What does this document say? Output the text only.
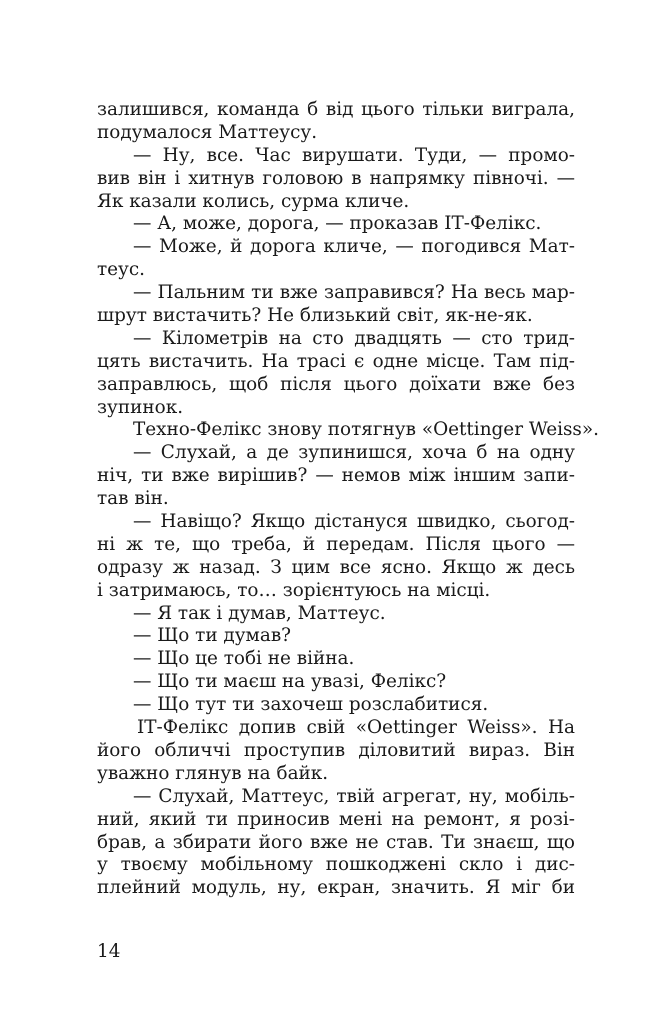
залишився, команда б від цього тільки виграла,
подумалося Маттеусу.
— Ну, все. Час вирушати. Туди, — промо-
вив він і хитнув головою в напрямку півночі. —
Як казали колись, сурма кличе.
— А, може, дорога, — проказав ІТ-Фелікс.
— Може, й дорога кличе, — погодився Мат-
теус.
— Пальним ти вже заправився? На весь мар-
шрут вистачить? Не близький світ, як-не-як.
— Кілометрів на сто двадцять — сто трид-
цять вистачить. На трасі є одне місце. Там під-
заправлюсь, щоб після цього доїхати вже без
зупинок.
Техно-Фелікс знову потягнув «Oettinger Weiss».
— Слухай, а де зупинишся, хоча б на одну
ніч, ти вже вирішив? — немов між іншим запи-
тав він.
— Навіщо? Якщо дістануся швидко, сьогод-
ні ж те, що треба, й передам. Після цього —
одразу ж назад. З цим все ясно. Якщо ж десь
і затримаюсь, то… зорієнтуюсь на місці.
— Я так і думав, Маттеус.
— Що ти думав?
— Що це тобі не війна.
— Що ти маєш на увазі, Фелікс?
— Що тут ти захочеш розслабитися.
ІТ-Фелікс допив свій «Oettinger Weiss». На
його обличчі проступив діловитий вираз. Він
уважно глянув на байк.
— Слухай, Маттеус, твій агрегат, ну, мобіль-
ний, який ти приносив мені на ремонт, я розі-
брав, а збирати його вже не став. Ти знаєш, що
у твоєму мобільному пошкоджені скло і дис-
плейний модуль, ну, екран, значить. Я міг би
14
